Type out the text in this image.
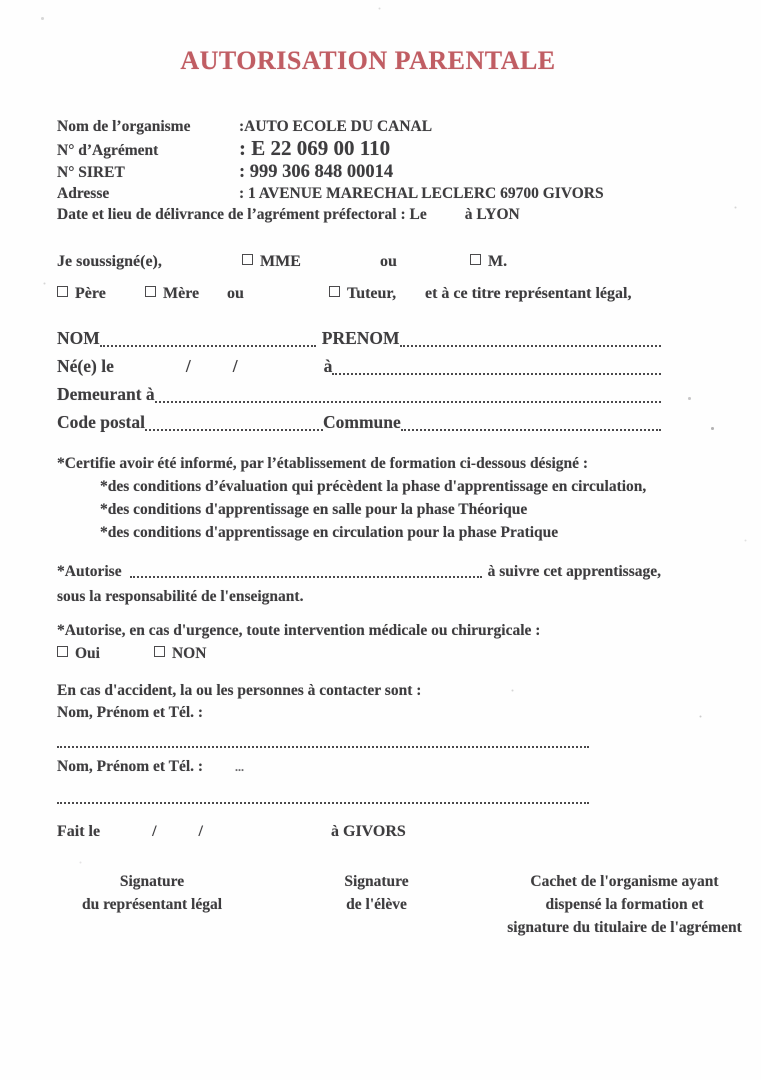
AUTORISATION PARENTALE
Nom de l’organisme	:AUTO ECOLE DU CANAL
N° d’Agrément	: E 22 069 00 110
N° SIRET	: 999 306 848 00014
Adresse	: 1 AVENUE MARECHAL LECLERC 69700 GIVORS
Date et lieu de délivrance de l’agrément préfectoral : Le à LYON
Je soussigné(e),	MME	ou	M.
Père	Mère	ou	Tuteur,	et à ce titre représentant légal,
NOM	PRENOM
Né(e) le	/ /	à
Demeurant à
Code postal	Commune
*Certifie avoir été informé, par l’établissement de formation ci-dessous désigné :
*des conditions d’évaluation qui précèdent la phase d'apprentissage en circulation,
*des conditions d'apprentissage en salle pour la phase Théorique
*des conditions d'apprentissage en circulation pour la phase Pratique
*Autorise	à suivre cet apprentissage,
sous la responsabilité de l'enseignant.
*Autorise, en cas d'urgence, toute intervention médicale ou chirurgicale :
Oui	NON
En cas d'accident, la ou les personnes à contacter sont :
Nom, Prénom et Tél. :
Nom, Prénom et Tél. :	...
Fait le	/	/	à GIVORS
Signature
du représentant légal
Signature
de l'élève
Cachet de l'organisme ayant
dispensé la formation et
signature du titulaire de l'agrément
